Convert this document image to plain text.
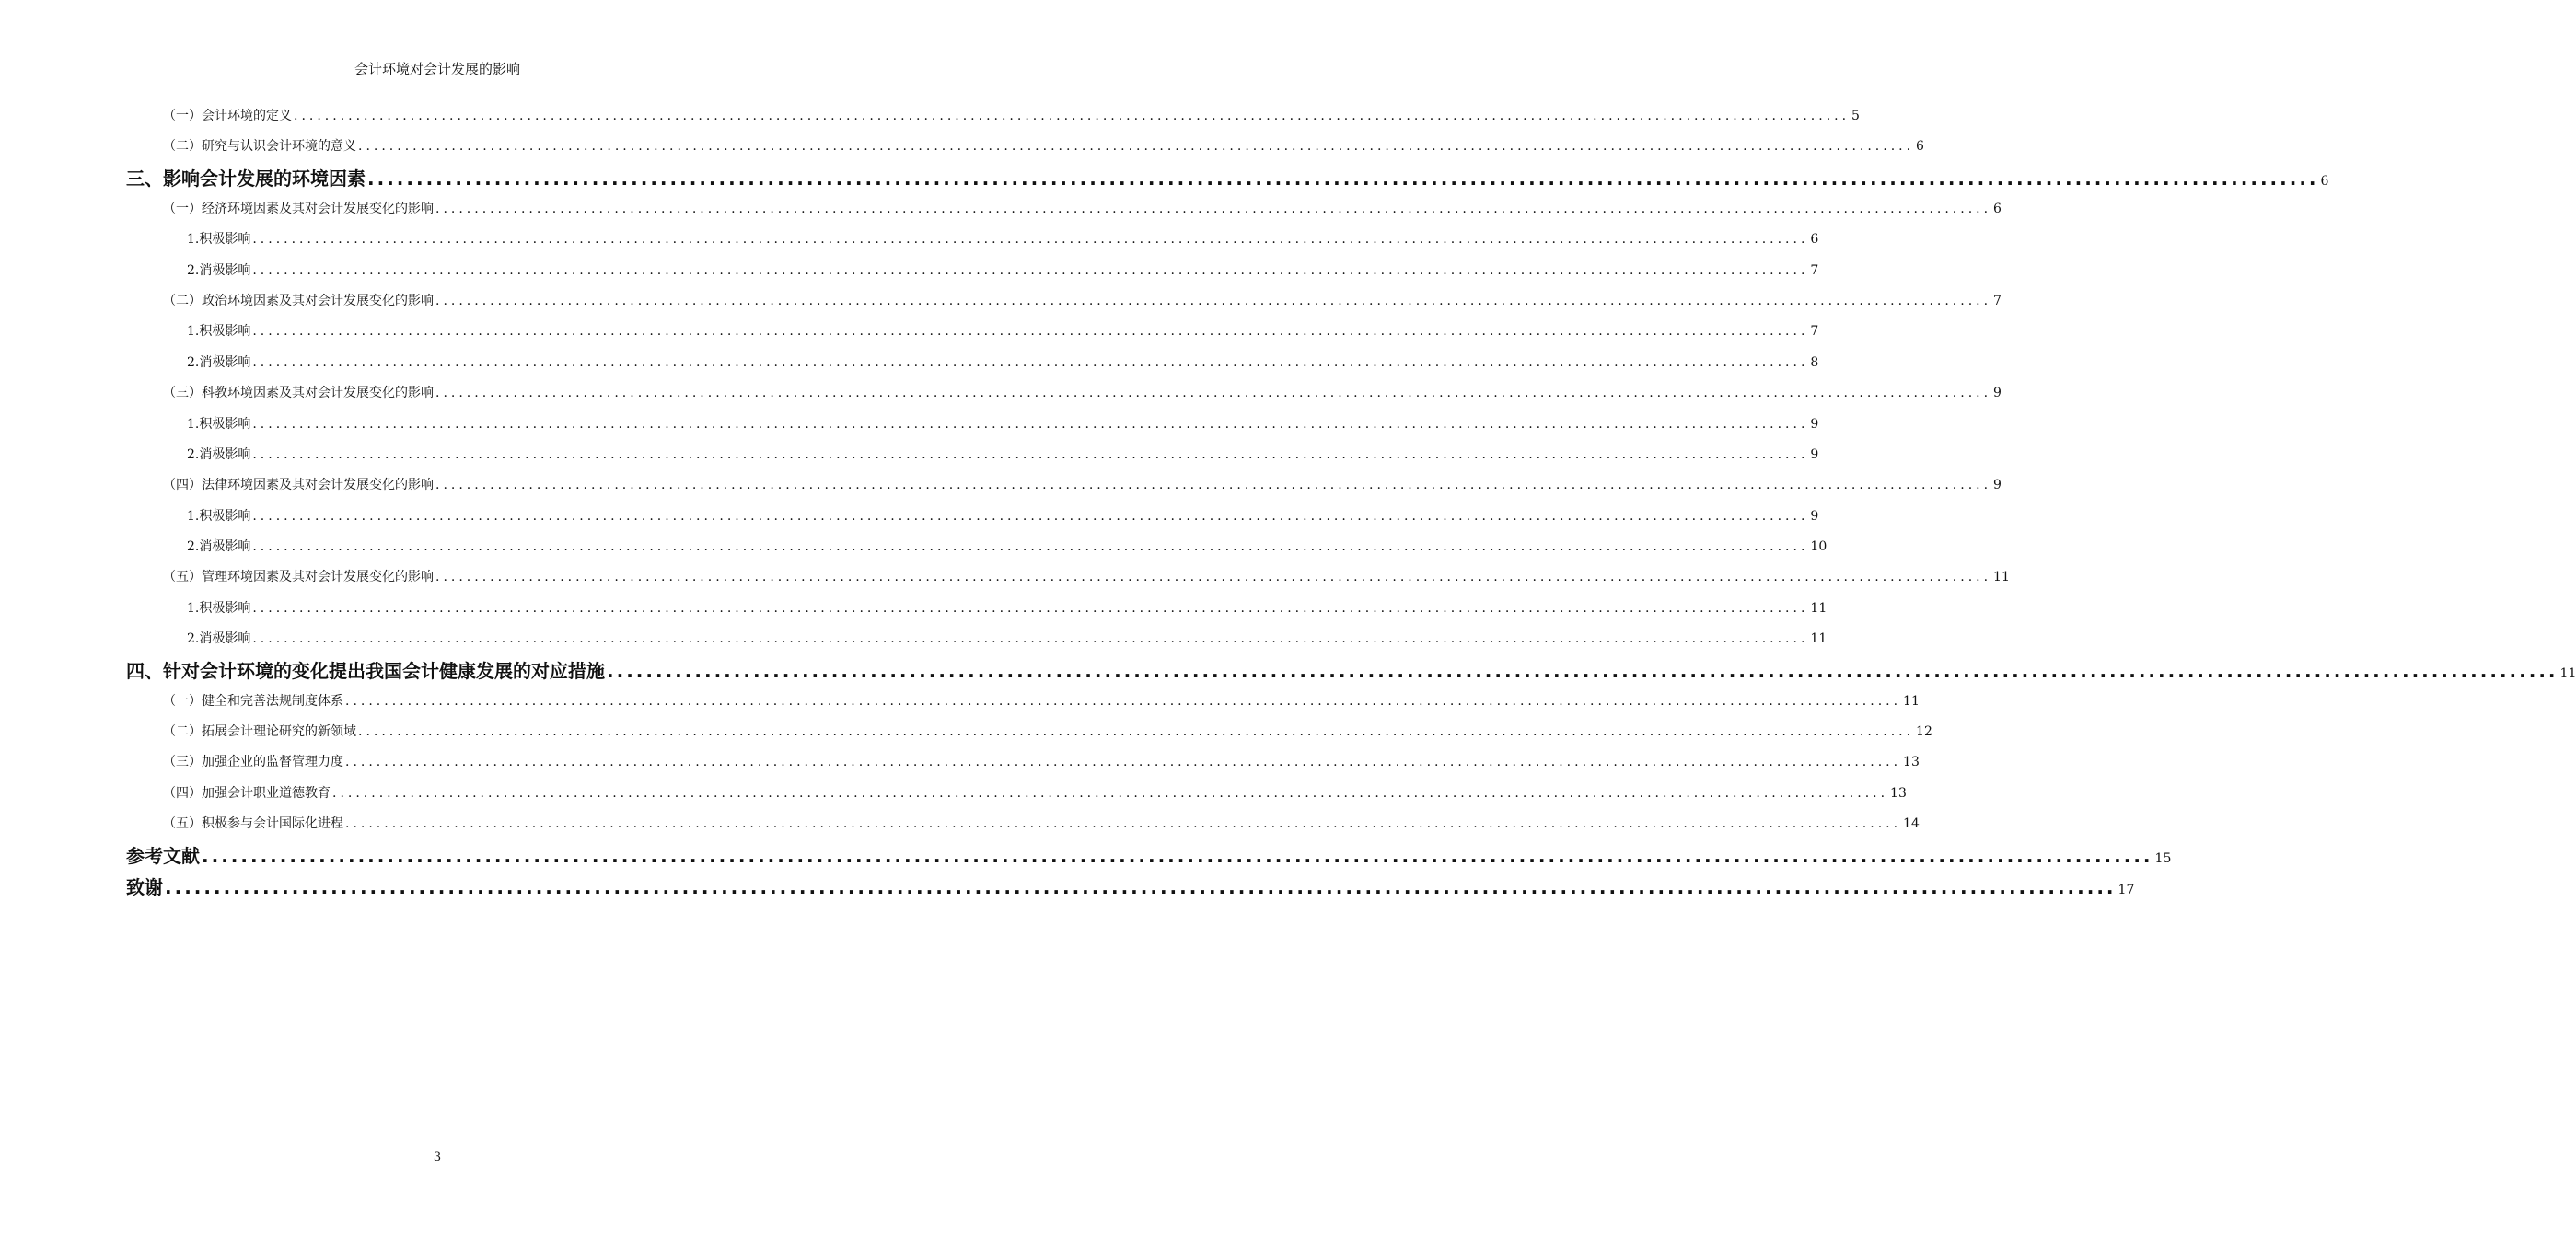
会计环境对会计发展的影响
（一）会计环境的定义 ........................................................................................................................................................................................................ 5
（二）研究与认识会计环境的意义 ........................................................................................................................................................................................................ 6
三、影响会计发展的环境因素 ........................................................................................................................................................................................................ 6
（一）经济环境因素及其对会计发展变化的影响 ........................................................................................................................................................................................................ 6
1.积极影响 ........................................................................................................................................................................................................ 6
2.消极影响 ........................................................................................................................................................................................................ 7
（二）政治环境因素及其对会计发展变化的影响 ........................................................................................................................................................................................................ 7
1.积极影响 ........................................................................................................................................................................................................ 7
2.消极影响 ........................................................................................................................................................................................................ 8
（三）科教环境因素及其对会计发展变化的影响 ........................................................................................................................................................................................................ 9
1.积极影响 ........................................................................................................................................................................................................ 9
2.消极影响 ........................................................................................................................................................................................................ 9
（四）法律环境因素及其对会计发展变化的影响 ........................................................................................................................................................................................................ 9
1.积极影响 ........................................................................................................................................................................................................ 9
2.消极影响 ........................................................................................................................................................................................................ 10
（五）管理环境因素及其对会计发展变化的影响 ........................................................................................................................................................................................................ 11
1.积极影响 ........................................................................................................................................................................................................ 11
2.消极影响 ........................................................................................................................................................................................................ 11
四、针对会计环境的变化提出我国会计健康发展的对应措施 ........................................................................................................................................................................................................ 11
（一）健全和完善法规制度体系 ........................................................................................................................................................................................................ 11
（二）拓展会计理论研究的新领域 ........................................................................................................................................................................................................ 12
（三）加强企业的监督管理力度 ........................................................................................................................................................................................................ 13
（四）加强会计职业道德教育 ........................................................................................................................................................................................................ 13
（五）积极参与会计国际化进程 ........................................................................................................................................................................................................ 14
参考文献 ........................................................................................................................................................................................................ 15
致谢 ........................................................................................................................................................................................................ 17
3
